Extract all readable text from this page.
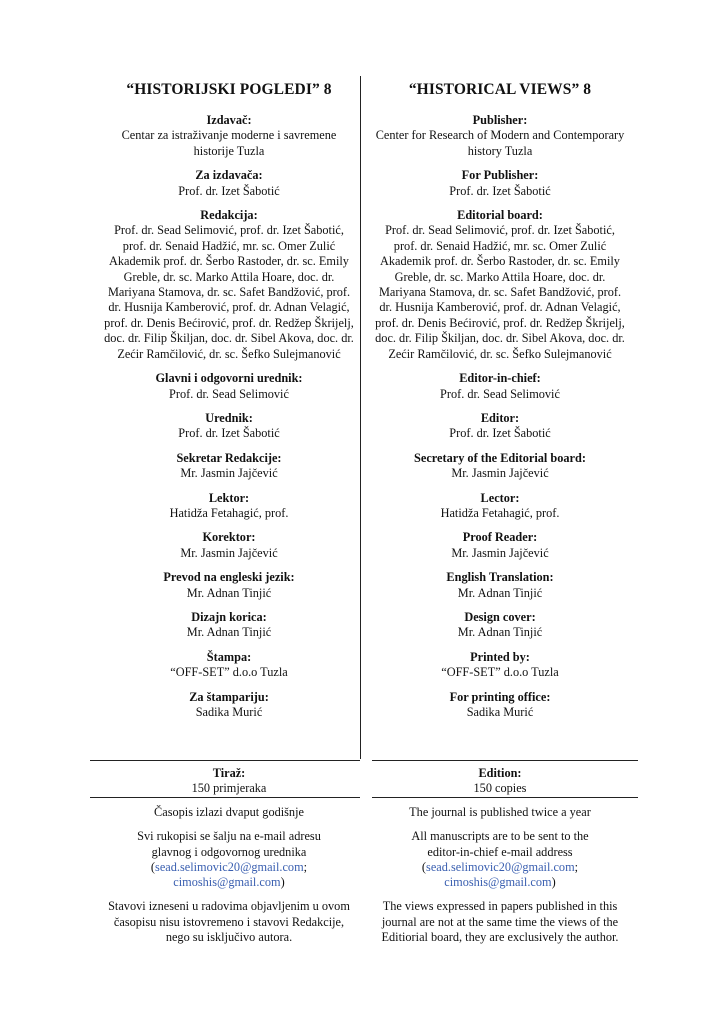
“HISTORIJSKI POGLEDI” 8	“HISTORICAL VIEWS” 8
Izdavač:
Centar za istraživanje moderne i savremene
historije Tuzla
Za izdavača:
Prof. dr. Izet Šabotić
Redakcija:
Prof. dr. Sead Selimović, prof. dr. Izet Šabotić,
prof. dr. Senaid Hadžić, mr. sc. Omer Zulić
Akademik prof. dr. Šerbo Rastoder, dr. sc. Emily
Greble, dr. sc. Marko Attila Hoare, doc. dr.
Mariyana Stamova, dr. sc. Safet Bandžović, prof.
dr. Husnija Kamberović, prof. dr. Adnan Velagić,
prof. dr. Denis Bećirović, prof. dr. Redžep Škrijelj,
doc. dr. Filip Škiljan, doc. dr. Sibel Akova, doc. dr.
Zećir Ramčilović, dr. sc. Šefko Sulejmanović
Glavni i odgovorni urednik:
Prof. dr. Sead Selimović
Urednik:
Prof. dr. Izet Šabotić
Sekretar Redakcije:
Mr. Jasmin Jajčević
Lektor:
Hatidža Fetahagić, prof.
Korektor:
Mr. Jasmin Jajčević
Prevod na engleski jezik:
Mr. Adnan Tinjić
Dizajn korica:
Mr. Adnan Tinjić
Štampa:
“OFF-SET” d.o.o Tuzla
Za štampariju:
Sadika Murić
Publisher:
Center for Research of Modern and Contemporary
history Tuzla
For Publisher:
Prof. dr. Izet Šabotić
Editorial board:
Prof. dr. Sead Selimović, prof. dr. Izet Šabotić,
prof. dr. Senaid Hadžić, mr. sc. Omer Zulić
Akademik prof. dr. Šerbo Rastoder, dr. sc. Emily
Greble, dr. sc. Marko Attila Hoare, doc. dr.
Mariyana Stamova, dr. sc. Safet Bandžović, prof.
dr. Husnija Kamberović, prof. dr. Adnan Velagić,
prof. dr. Denis Bećirović, prof. dr. Redžep Škrijelj,
doc. dr. Filip Škiljan, doc. dr. Sibel Akova, doc. dr.
Zećir Ramčilović, dr. sc. Šefko Sulejmanović
Editor-in-chief:
Prof. dr. Sead Selimović
Editor:
Prof. dr. Izet Šabotić
Secretary of the Editorial board:
Mr. Jasmin Jajčević
Lector:
Hatidža Fetahagić, prof.
Proof Reader:
Mr. Jasmin Jajčević
English Translation:
Mr. Adnan Tinjić
Design cover:
Mr. Adnan Tinjić
Printed by:
“OFF-SET” d.o.o Tuzla
For printing office:
Sadika Murić
Tiraž:
150 primjeraka
Edition:
150 copies

Časopis izlazi dvaput godišnje

Svi rukopisi se šalju na e-mail adresu
glavnog i odgovornog urednika

(sead.selimovic20@gmail.com;
cimoshis@gmail.com)

Stavovi izneseni u radovima objavljenim u ovom
časopisu nisu istovremeno i stavovi Redakcije,
nego su isključivo autora.

The journal is published twice a year

All manuscripts are to be sent to the
editor-in-chief e-mail address

(sead.selimovic20@gmail.com;
cimoshis@gmail.com)

The views expressed in papers published in this
journal are not at the same time the views of the
Editiorial board, they are exclusively the author.
